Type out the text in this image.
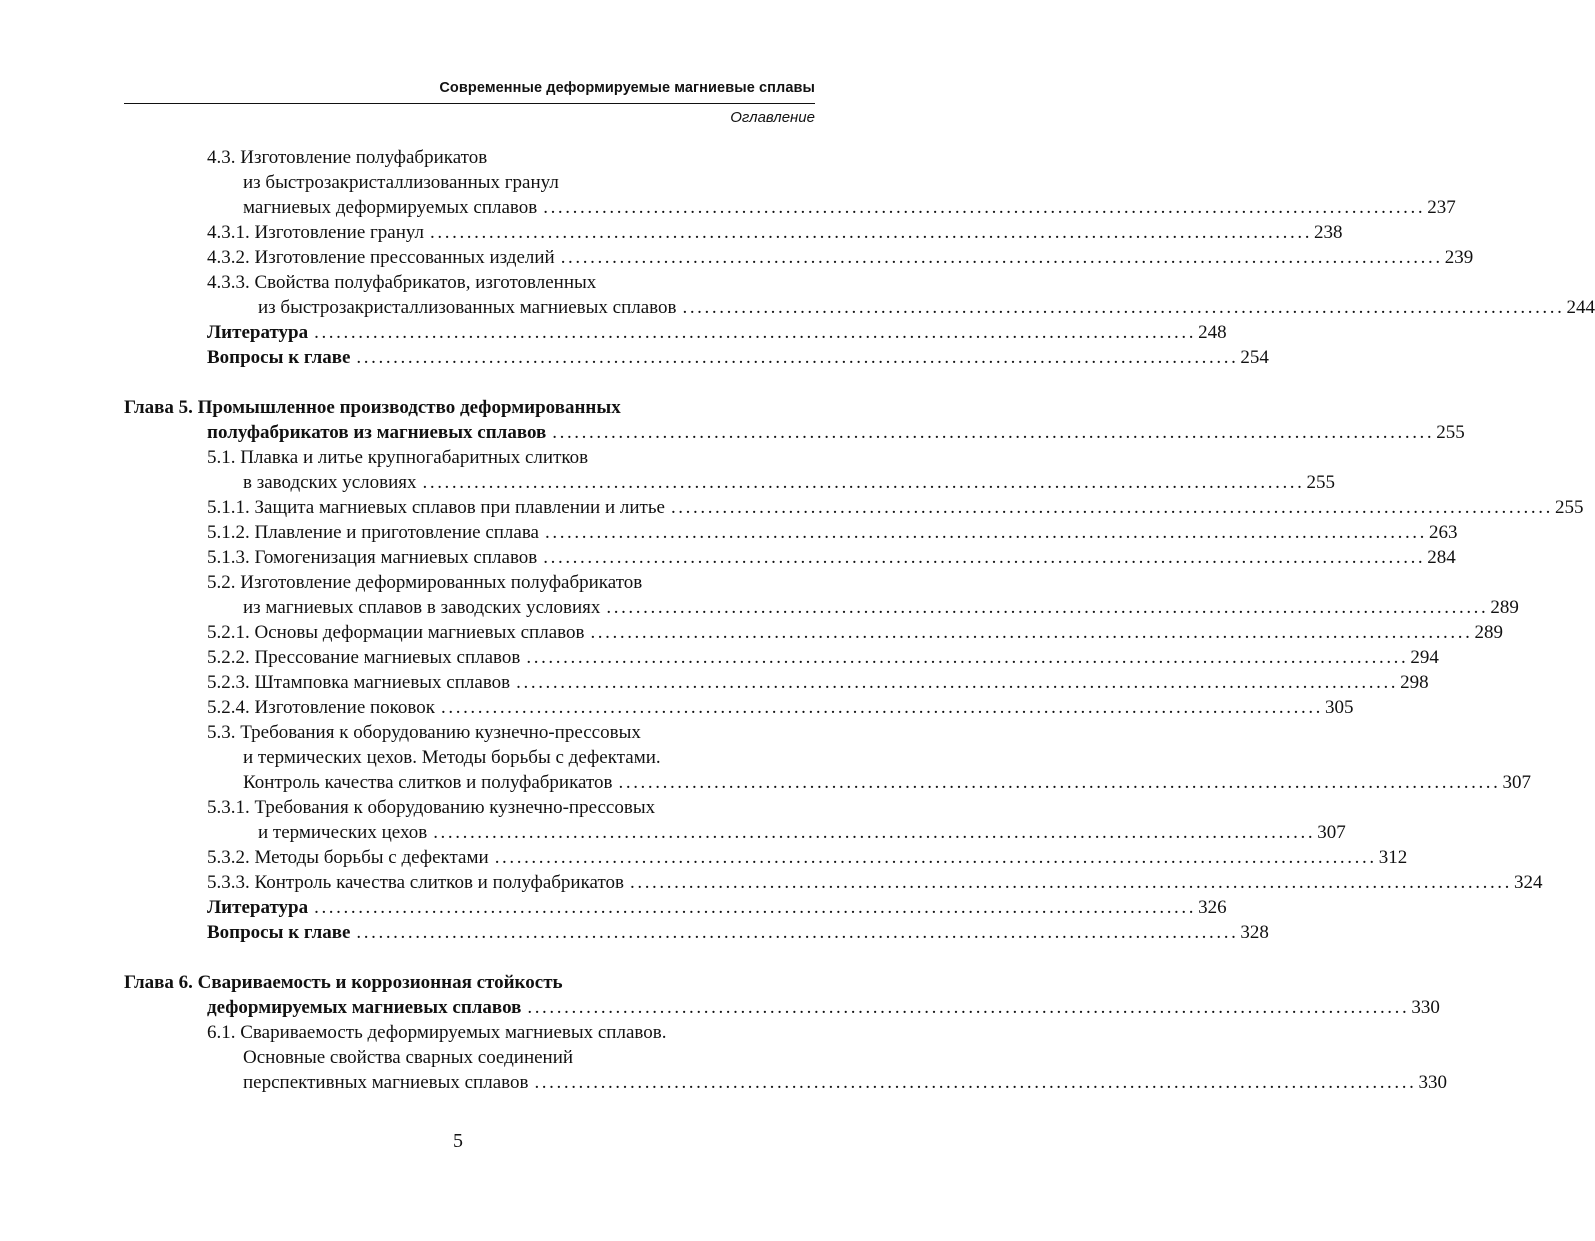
Современные деформируемые магниевые сплавы
Оглавление
4.3. Изготовление полуфабрикатов
из быстрозакристаллизованных гранул
магниевых деформируемых сплавов ........................................................................................................................ 237
4.3.1. Изготовление гранул ........................................................................................................................ 238
4.3.2. Изготовление прессованных изделий ........................................................................................................................ 239
4.3.3. Свойства полуфабрикатов, изготовленных
из быстрозакристаллизованных магниевых сплавов ........................................................................................................................ 244
Литература ........................................................................................................................ 248
Вопросы к главе ........................................................................................................................ 254
Глава 5. Промышленное производство деформированных
полуфабрикатов из магниевых сплавов ........................................................................................................................ 255
5.1. Плавка и литье крупногабаритных слитков
в заводских условиях ........................................................................................................................ 255
5.1.1. Защита магниевых сплавов при плавлении и литье ........................................................................................................................ 255
5.1.2. Плавление и приготовление сплава ........................................................................................................................ 263
5.1.3. Гомогенизация магниевых сплавов ........................................................................................................................ 284
5.2. Изготовление деформированных полуфабрикатов
из магниевых сплавов в заводских условиях ........................................................................................................................ 289
5.2.1. Основы деформации магниевых сплавов ........................................................................................................................ 289
5.2.2. Прессование магниевых сплавов ........................................................................................................................ 294
5.2.3. Штамповка магниевых сплавов ........................................................................................................................ 298
5.2.4. Изготовление поковок ........................................................................................................................ 305
5.3. Требования к оборудованию кузнечно-прессовых
и термических цехов. Методы борьбы с дефектами.
Контроль качества слитков и полуфабрикатов ........................................................................................................................ 307
5.3.1. Требования к оборудованию кузнечно-прессовых
и термических цехов ........................................................................................................................ 307
5.3.2. Методы борьбы с дефектами ........................................................................................................................ 312
5.3.3. Контроль качества слитков и полуфабрикатов ........................................................................................................................ 324
Литература ........................................................................................................................ 326
Вопросы к главе ........................................................................................................................ 328
Глава 6. Свариваемость и коррозионная стойкость
деформируемых магниевых сплавов ........................................................................................................................ 330
6.1. Свариваемость деформируемых магниевых сплавов.
Основные свойства сварных соединений
перспективных магниевых сплавов ........................................................................................................................ 330
5
